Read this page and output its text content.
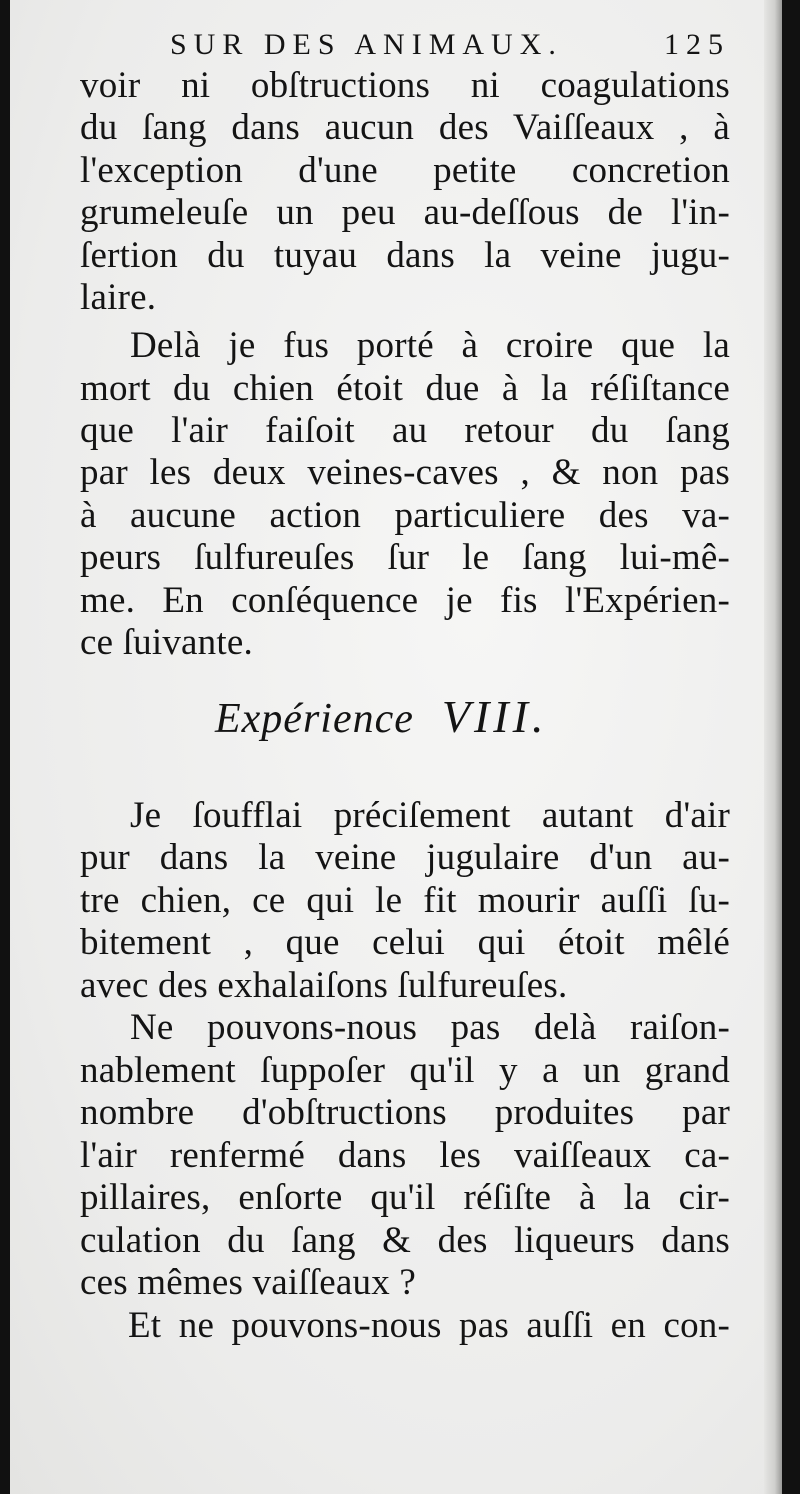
SUR DES ANIMAUX.	125
voir ni obſtructions ni coagulations
du ſang dans aucun des Vaiſſeaux , à
l'exception d'une petite concretion
grumeleuſe un peu au-deſſous de l'in-
ſertion du tuyau dans la veine jugu-
laire.
Delà je fus porté à croire que la
mort du chien étoit due à la réſiſtance
que l'air faiſoit au retour du ſang
par les deux veines-caves , & non pas
à aucune action particuliere des va-
peurs ſulfureuſes ſur le ſang lui-mê-
me. En conſéquence je fis l'Expérien-
ce ſuivante.
Expérience VIII.
Je ſoufflai préciſement autant d'air
pur dans la veine jugulaire d'un au-
tre chien, ce qui le fit mourir auſſi ſu-
bitement , que celui qui étoit mêlé
avec des exhalaiſons ſulfureuſes.
Ne pouvons-nous pas delà raiſon-
nablement ſuppoſer qu'il y a un grand
nombre d'obſtructions produites par
l'air renfermé dans les vaiſſeaux ca-
pillaires, enſorte qu'il réſiſte à la cir-
culation du ſang & des liqueurs dans
ces mêmes vaiſſeaux ?
Et ne pouvons-nous pas auſſi en con-
